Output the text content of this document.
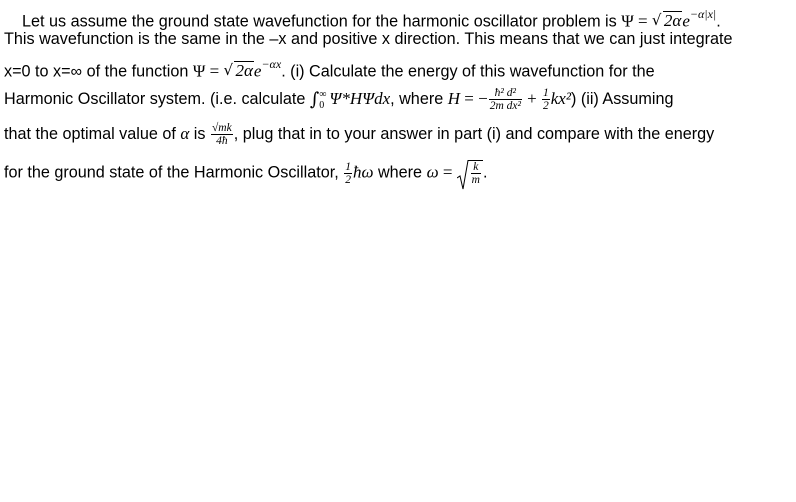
Let us assume the ground state wavefunction for the harmonic oscillator problem is Ψ = √ $2\alpha e^{-\alpha|x|}$.
This wavefunction is the same in the –x and positive x direction. This means that we can just integrate
x=0 to x=∞ of the function Ψ = √ $2\alpha e^{-\alpha x}$. (i) Calculate the energy of this wavefunction for the
Harmonic Oscillator system. (i.e. calculate ∫ ∞
0 Ψ*HΨdx, where H = − $\frac{\text{ħ² d²}}{\text{2m dx²}} + \frac{1}{2} kx^2$) (ii) Assuming
that the optimal value of α is $\frac{√mk}{4ħ}$ , plug that in to your answer in part (i) and compare with the energy
for the ground state of the Harmonic Oscillator, $\frac{1}{2}$ ħω where $\omega = \frac{k}{m}$ .
